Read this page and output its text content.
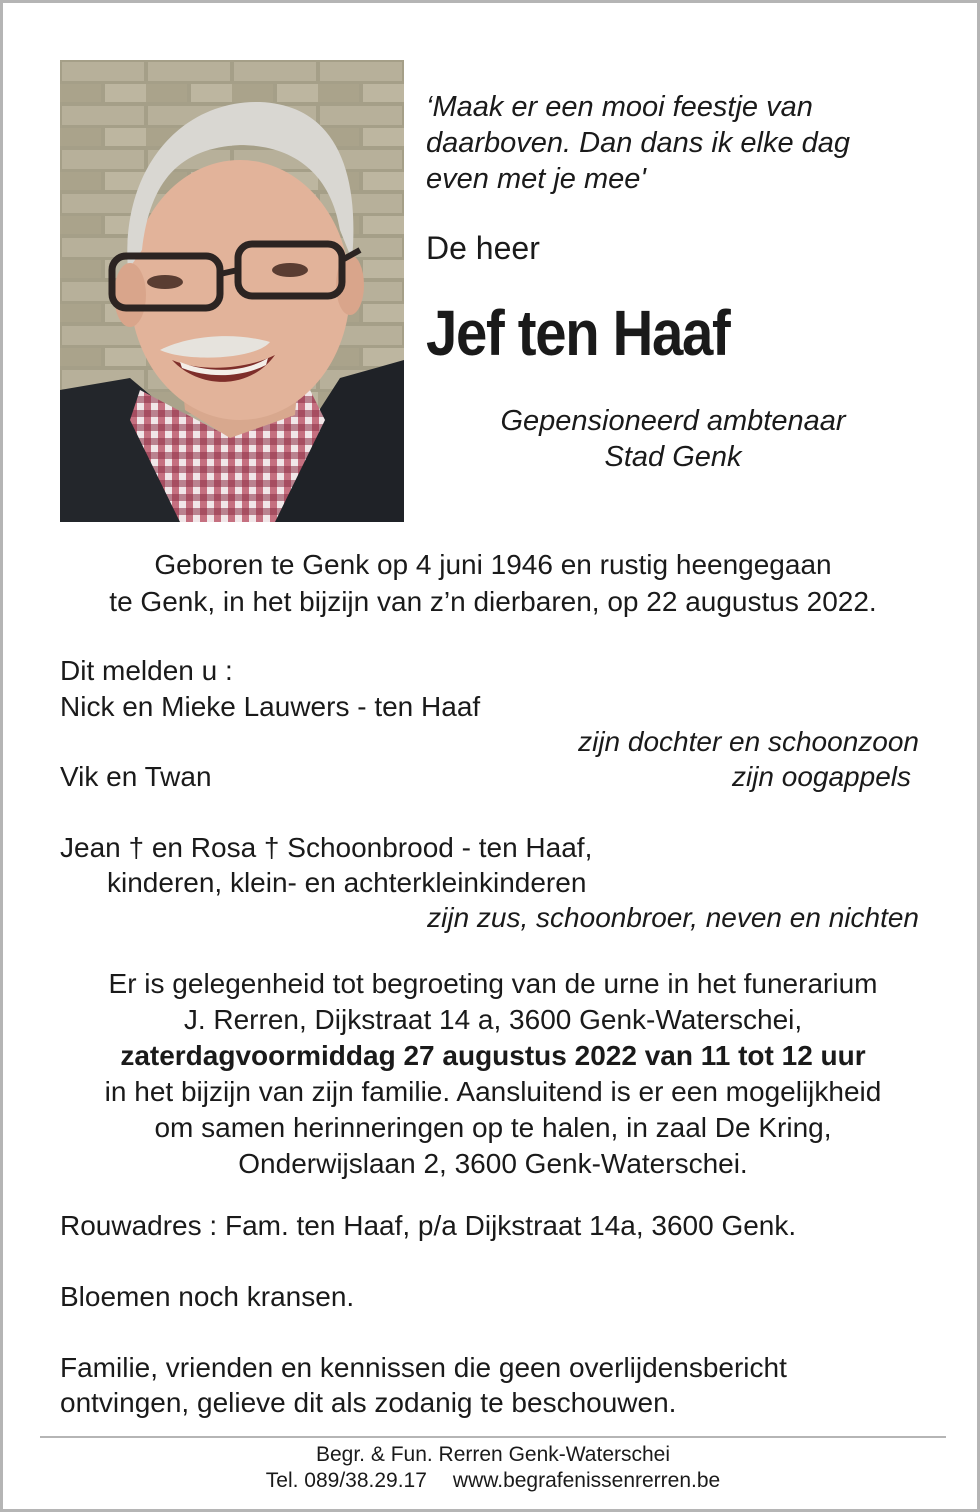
‘Maak er een mooi feestje van
daarboven. Dan dans ik elke dag
even met je mee'
De heer
Jef ten Haaf
Gepensioneerd ambtenaar
Stad Genk
Geboren te Genk op 4 juni 1946 en rustig heengegaan
te Genk, in het bijzijn van z’n dierbaren, op 22 augustus 2022.
Dit melden u :
Nick en Mieke Lauwers - ten Haaf
zijn dochter en schoonzoon
Vik en Twan	zijn oogappels
Jean † en Rosa † Schoonbrood - ten Haaf,
kinderen, klein- en achterkleinkinderen
zijn zus, schoonbroer, neven en nichten
Er is gelegenheid tot begroeting van de urne in het funerarium
J. Rerren, Dijkstraat 14 a, 3600 Genk-Waterschei,
zaterdagvoormiddag 27 augustus 2022 van 11 tot 12 uur
in het bijzijn van zijn familie. Aansluitend is er een mogelijkheid
om samen herinneringen op te halen, in zaal De Kring,
Onderwijslaan 2, 3600 Genk-Waterschei.
Rouwadres : Fam. ten Haaf, p/a Dijkstraat 14a, 3600 Genk.
Bloemen noch kransen.
Familie, vrienden en kennissen die geen overlijdensbericht
ontvingen, gelieve dit als zodanig te beschouwen.
Begr. & Fun. Rerren Genk-Waterschei
Tel. 089/38.29.17 www.begrafenissenrerren.be
